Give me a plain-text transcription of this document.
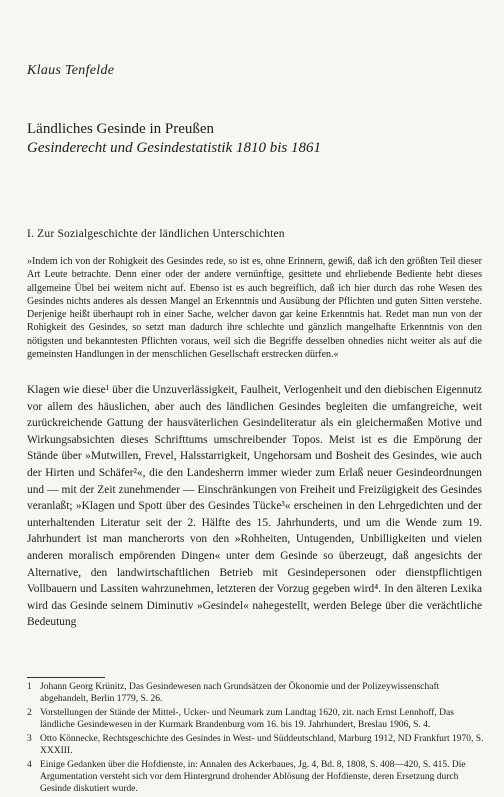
Klaus Tenfelde
Ländliches Gesinde in Preußen
Gesinderecht und Gesindestatistik 1810 bis 1861
I. Zur Sozialgeschichte der ländlichen Unterschichten
»Indem ich von der Rohigkeit des Gesindes rede, so ist es, ohne Erinnern, gewiß, daß ich den größten Teil dieser Art Leute betrachte. Denn einer oder der andere vernünftige, gesittete und ehrliebende Bediente hebt dieses allgemeine Übel bei weitem nicht auf. Ebenso ist es auch begreiflich, daß ich hier durch das rohe Wesen des Gesindes nichts anderes als dessen Mangel an Erkenntnis und Ausübung der Pflichten und guten Sitten verstehe. Derjenige heißt überhaupt roh in einer Sache, welcher davon gar keine Erkenntnis hat. Redet man nun von der Rohigkeit des Gesindes, so setzt man dadurch ihre schlechte und gänzlich mangelhafte Erkenntnis von den nötigsten und bekanntesten Pflichten voraus, weil sich die Begriffe desselben ohnedies nicht weiter als auf die gemeinsten Handlungen in der menschlichen Gesellschaft erstrecken dürfen.«
Klagen wie diese¹ über die Unzuverlässigkeit, Faulheit, Verlogenheit und den diebischen Eigennutz vor allem des häuslichen, aber auch des ländlichen Gesindes begleiten die umfangreiche, weit zurückreichende Gattung der hausväterlichen Gesindeliteratur als ein gleichermaßen Motive und Wirkungsabsichten dieses Schrifttums umschreibender Topos. Meist ist es die Empörung der Stände über »Mutwillen, Frevel, Halsstarrigkeit, Ungehorsam und Bosheit des Gesindes, wie auch der Hirten und Schäfer²«, die den Landesherrn immer wieder zum Erlaß neuer Gesindeordnungen und — mit der Zeit zunehmender — Einschränkungen von Freiheit und Freizügigkeit des Gesindes veranlaßt; »Klagen und Spott über des Gesindes Tücke³« erscheinen in den Lehrgedichten und der unterhaltenden Literatur seit der 2. Hälfte des 15. Jahrhunderts, und um die Wende zum 19. Jahrhundert ist man mancherorts von den »Rohheiten, Untugenden, Unbilligkeiten und vielen anderen moralisch empörenden Dingen« unter dem Gesinde so überzeugt, daß angesichts der Alternative, den landwirtschaftlichen Betrieb mit Gesindepersonen oder dienstpflichtigen Vollbauern und Lassiten wahrzunehmen, letzteren der Vorzug gegeben wird⁴. In den älteren Lexika wird das Gesinde seinem Diminutiv »Gesindel« nahegestellt, werden Belege über die verächtliche Bedeutung
1 Johann Georg Krünitz, Das Gesindewesen nach Grundsätzen der Ökonomie und der Polizeywissenschaft abgehandelt, Berlin 1779, S. 26.
2 Vorstellungen der Stände der Mittel-, Ucker- und Neumark zum Landtag 1620, zit. nach Ernst Lennhoff, Das ländliche Gesindewesen in der Kurmark Brandenburg vom 16. bis 19. Jahrhundert, Breslau 1906, S. 4.
3 Otto Könnecke, Rechtsgeschichte des Gesindes in West- und Süddeutschland, Marburg 1912, ND Frankfurt 1970, S. XXXIII.
4 Einige Gedanken über die Hofdienste, in: Annalen des Ackerbaues, Jg. 4, Bd. 8, 1808, S. 408—420, S. 415. Die Argumentation versteht sich vor dem Hintergrund drohender Ablösung der Hofdienste, deren Ersetzung durch Gesinde diskutiert wurde.
